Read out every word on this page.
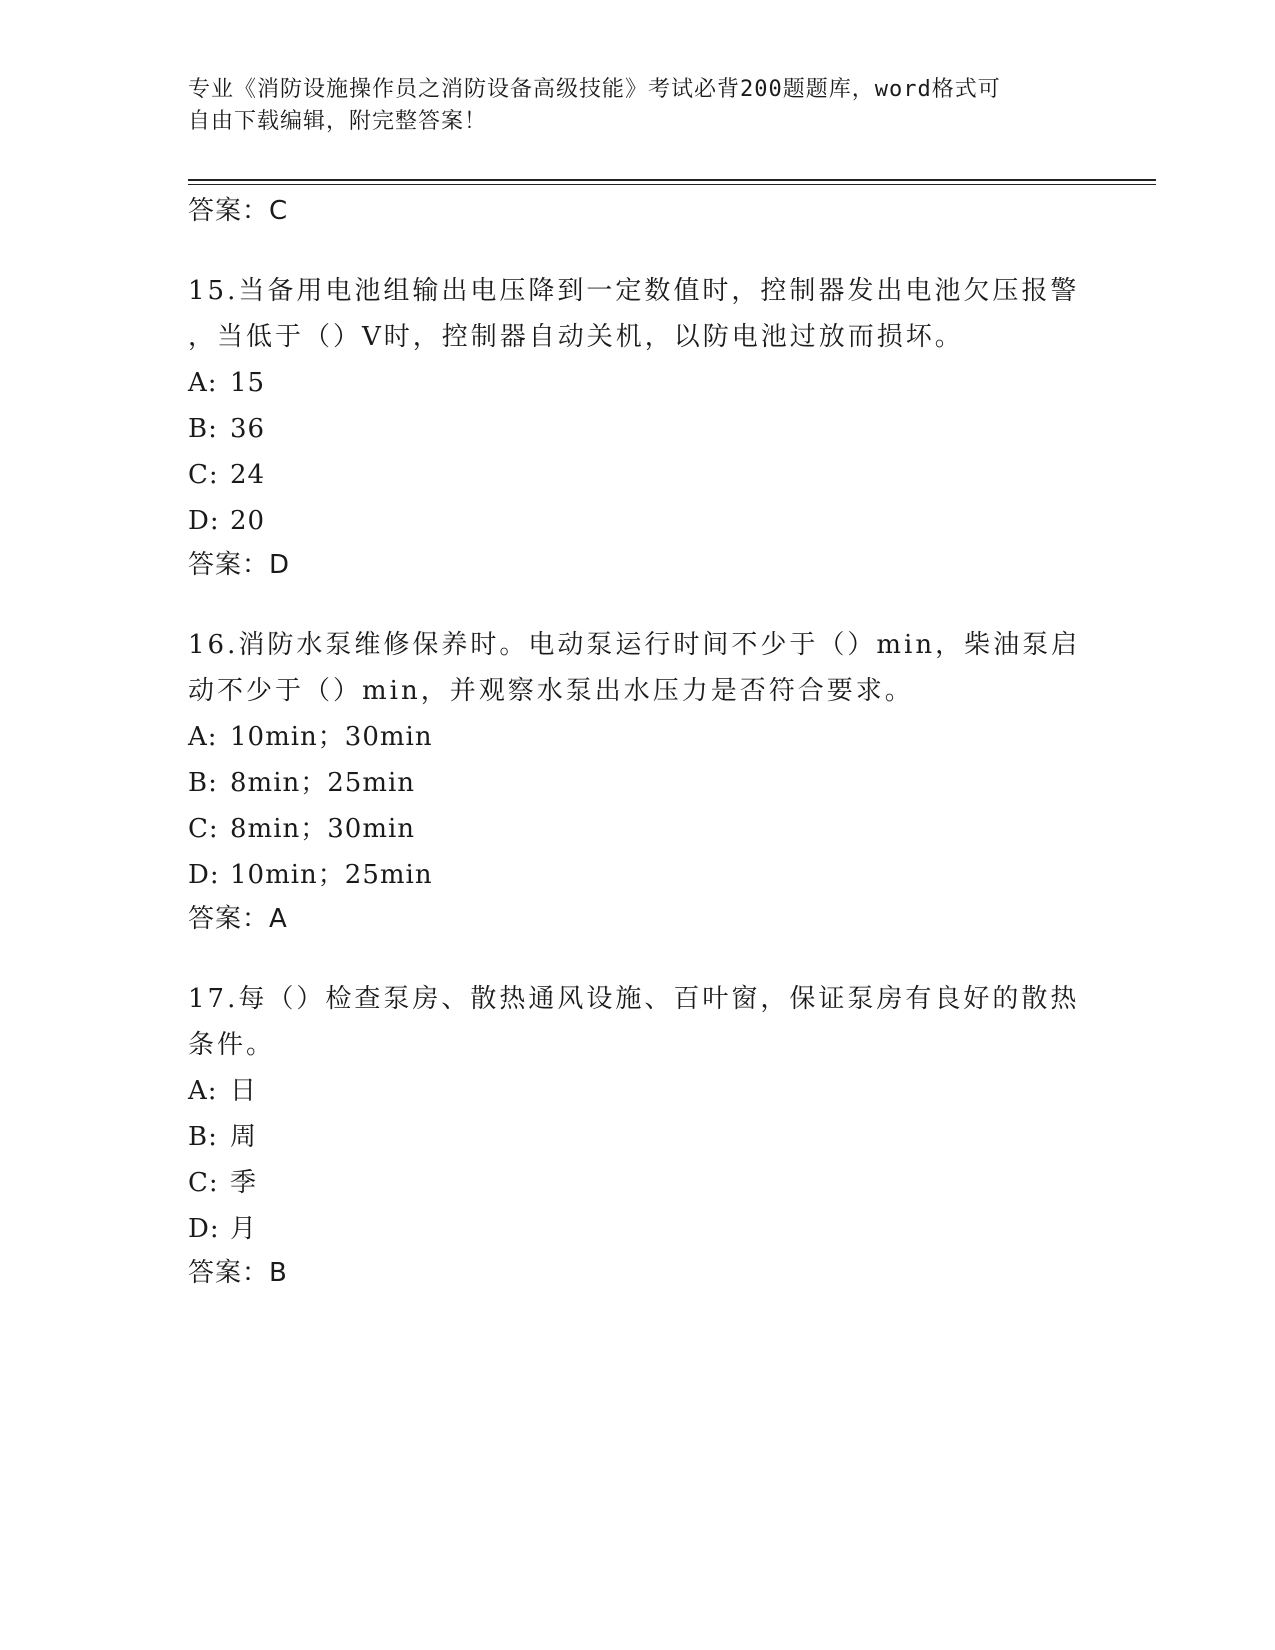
专业《消防设施操作员之消防设备高级技能》考试必背200题题库，word格式可
自由下载编辑，附完整答案！
答案：C
15.当备用电池组输出电压降到一定数值时，控制器发出电池欠压报警
，当低于（）V时，控制器自动关机，以防电池过放而损坏。
A: 15
B: 36
C: 24
D: 20
答案：D
16.消防水泵维修保养时。电动泵运行时间不少于（）min，柴油泵启
动不少于（）min，并观察水泵出水压力是否符合要求。
A: 10min；30min
B: 8min；25min
C: 8min；30min
D: 10min；25min
答案：A
17.每（）检查泵房、散热通风设施、百叶窗，保证泵房有良好的散热
条件。
A: 日
B: 周
C: 季
D: 月
答案：B
